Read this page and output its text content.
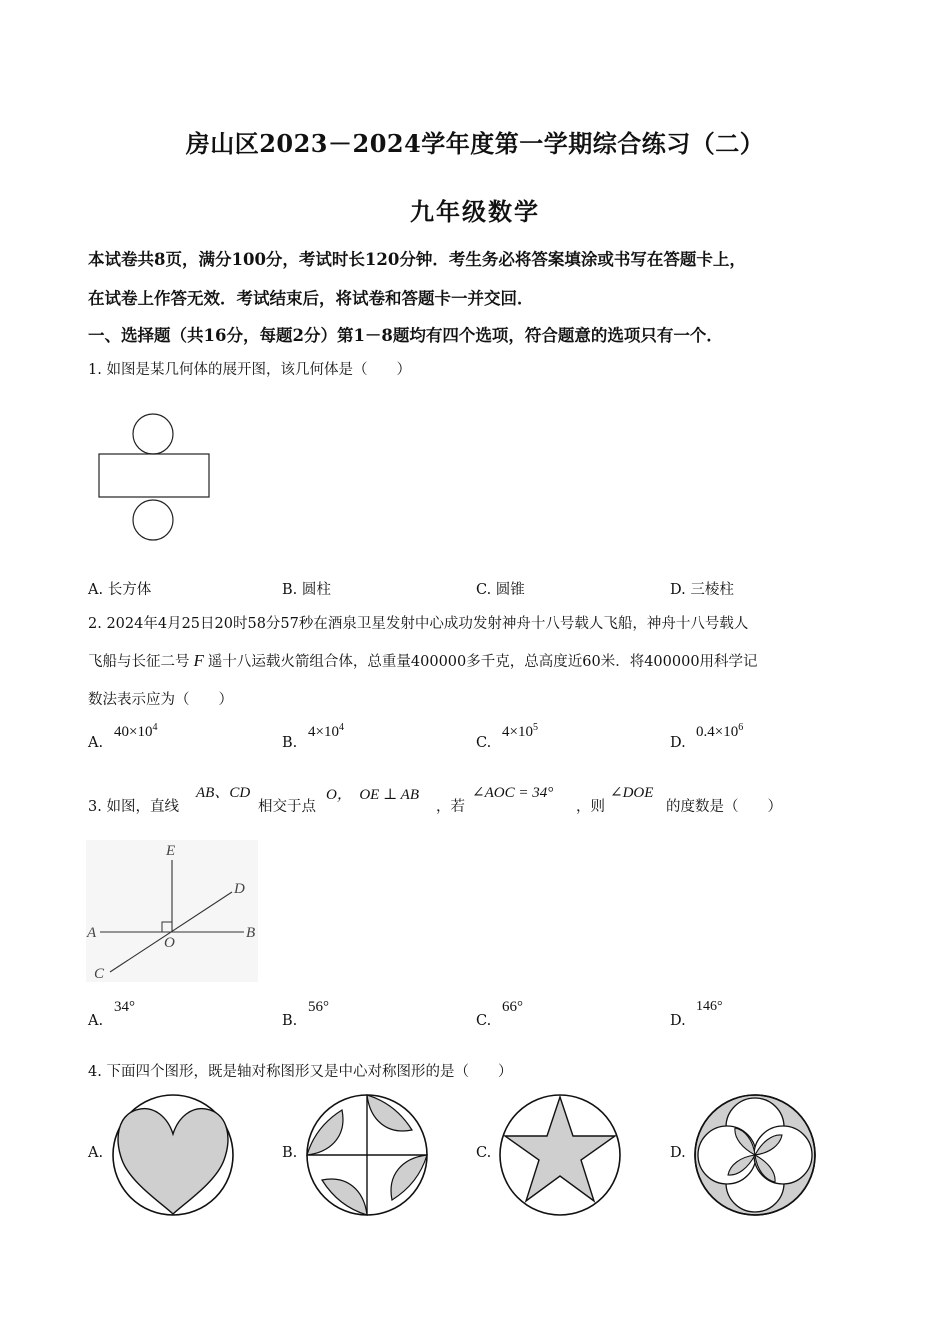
房山区2023－2024学年度第一学期综合练习（二）
九年级数学
本试卷共8页，满分100分，考试时长120分钟．考生务必将答案填涂或书写在答题卡上，
在试卷上作答无效．考试结束后，将试卷和答题卡一并交回．
一、选择题（共16分，每题2分）第1－8题均有四个选项，符合题意的选项只有一个．
1. 如图是某几何体的展开图，该几何体是（　　）
A. 长方体	B. 圆柱	C. 圆锥	D. 三棱柱
2. 2024年4月25日20时58分57秒在酒泉卫星发射中心成功发射神舟十八号载人飞船，神舟十八号载人
飞船与长征二号 F 遥十八运载火箭组合体，总重量400000多千克，总高度近60米．将400000用科学记
数法表示应为（　　）
A.
$40\times 10^4$
B.
$4\times 10^4$
C.
$4\times 10^5$
D.
$0.4\times 10^6$
3. 如图，直线
AB、CD
相交于点
O，  OE ⊥ AB
，若
∠AOC = 34°
，则
∠DOE
的度数是（　　）
E
D
A	B
O
C
A.
34°
B.
56°
C.
66°
D.
146°
4. 下面四个图形，既是轴对称图形又是中心对称图形的是（　　）
A.	B.	C.	D.
